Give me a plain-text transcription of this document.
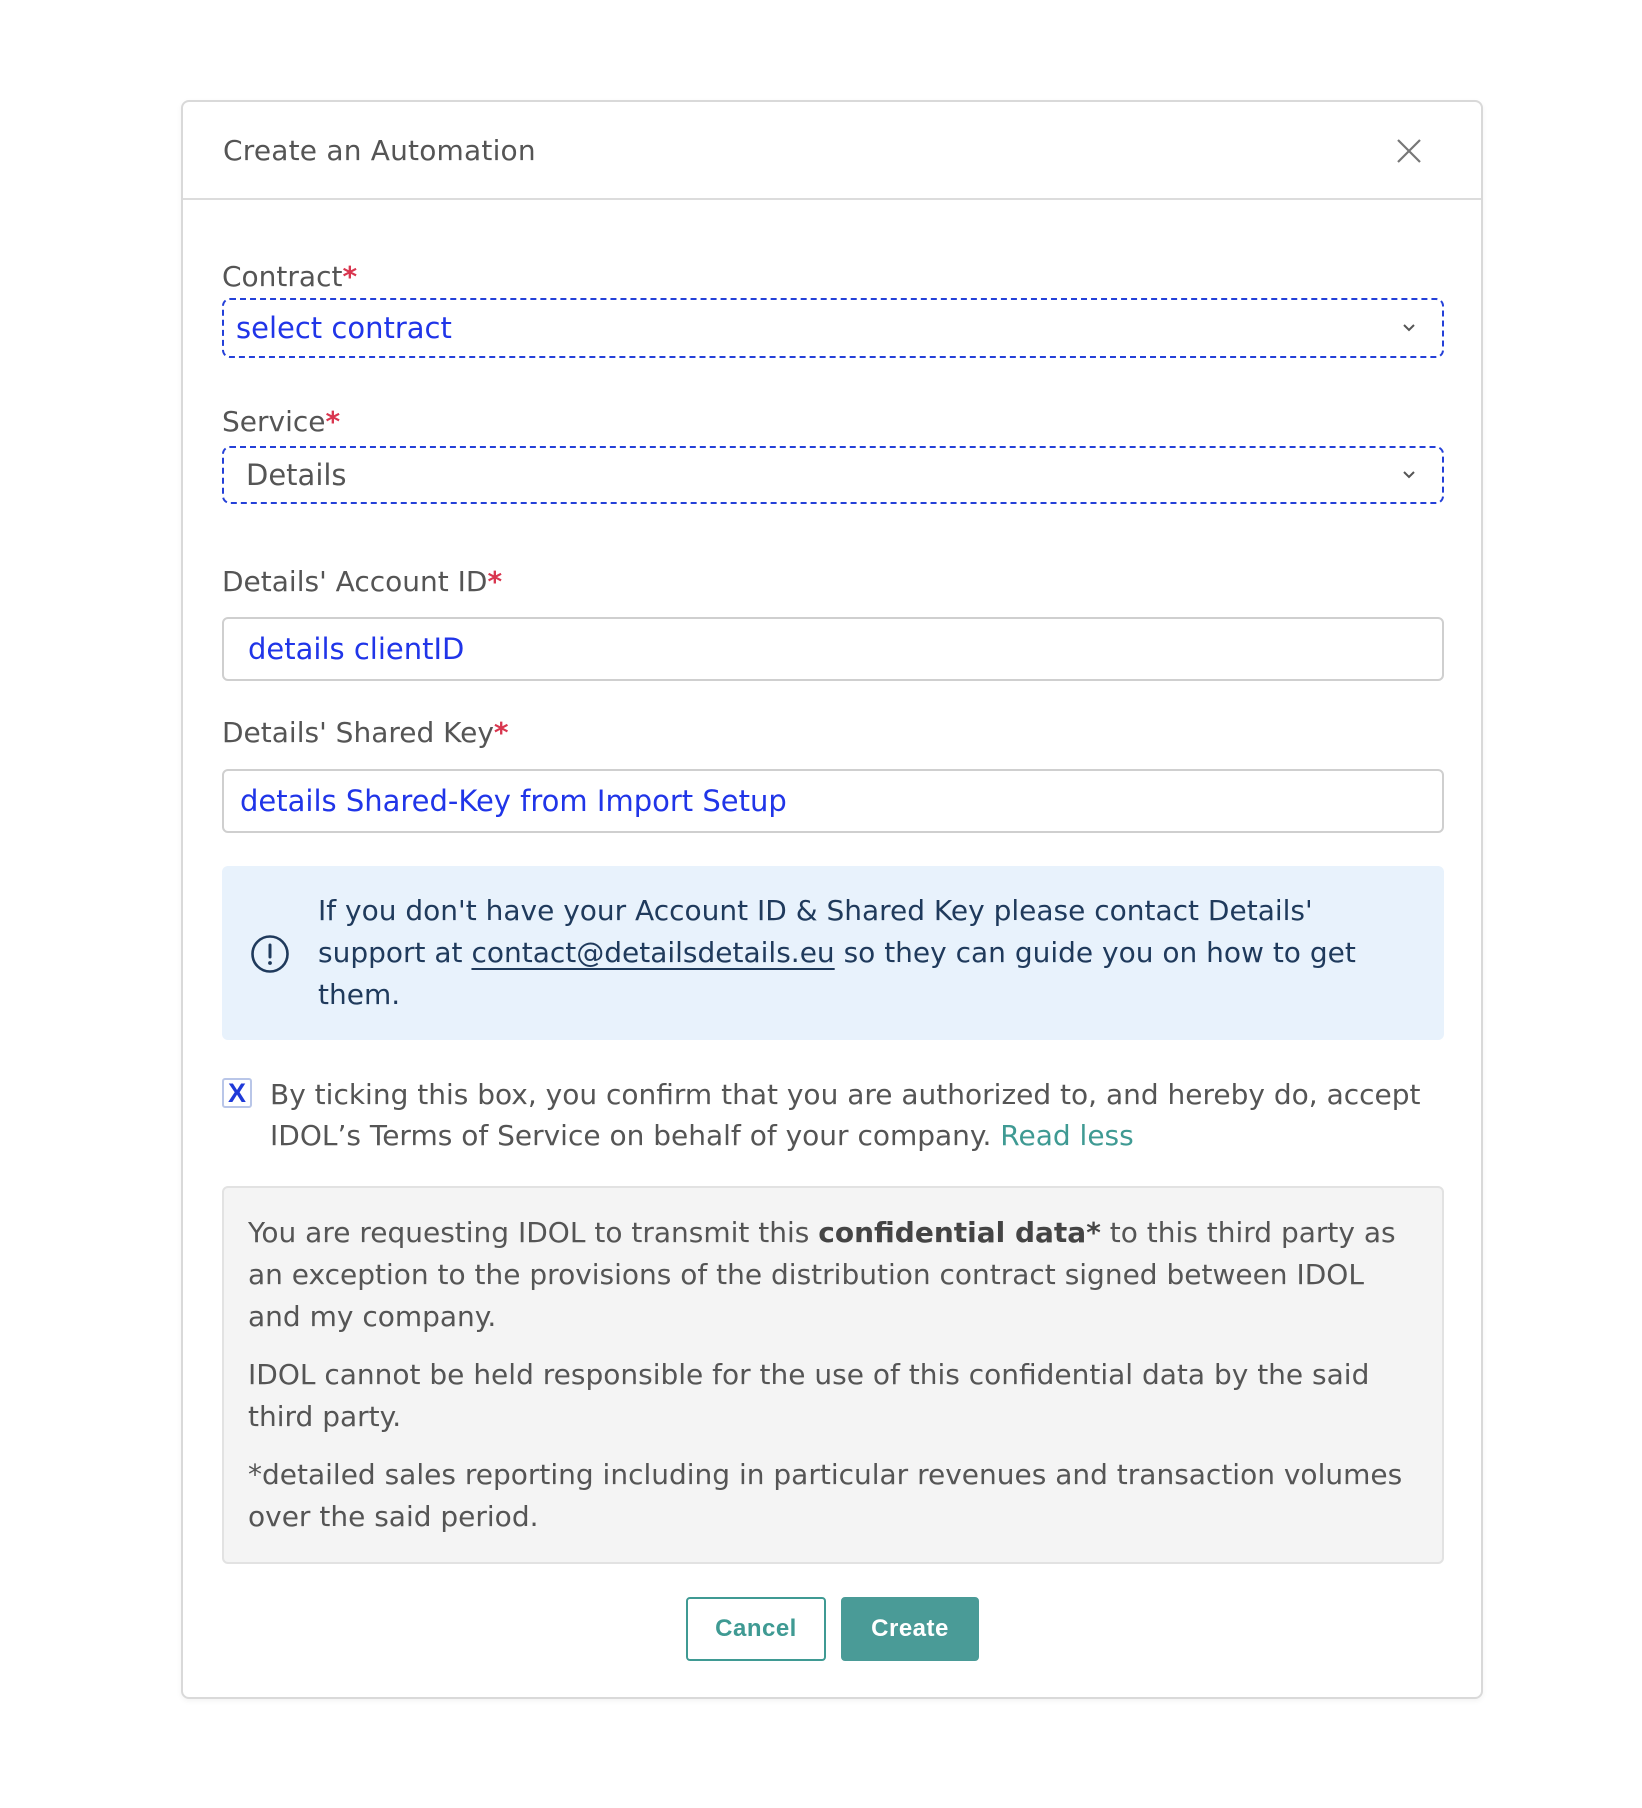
Create an Automation
Contract*
select contract
Service*
Details
Details' Account ID*
details clientID
Details' Shared Key*
details Shared-Key from Import Setup
If you don't have your Account ID & Shared Key please contact Details' support at contact@detailsdetails.eu so they can guide you on how to get them.
X By ticking this box, you confirm that you are authorized to, and hereby do, accept IDOL’s Terms of Service on behalf of your company. Read less

You are requesting IDOL to transmit this confidential data* to this third party as an exception to the provisions of the distribution contract signed between IDOL and my company.

IDOL cannot be held responsible for the use of this confidential data by the said third party.

*detailed sales reporting including in particular revenues and transaction volumes over the said period.

Cancel	Create
